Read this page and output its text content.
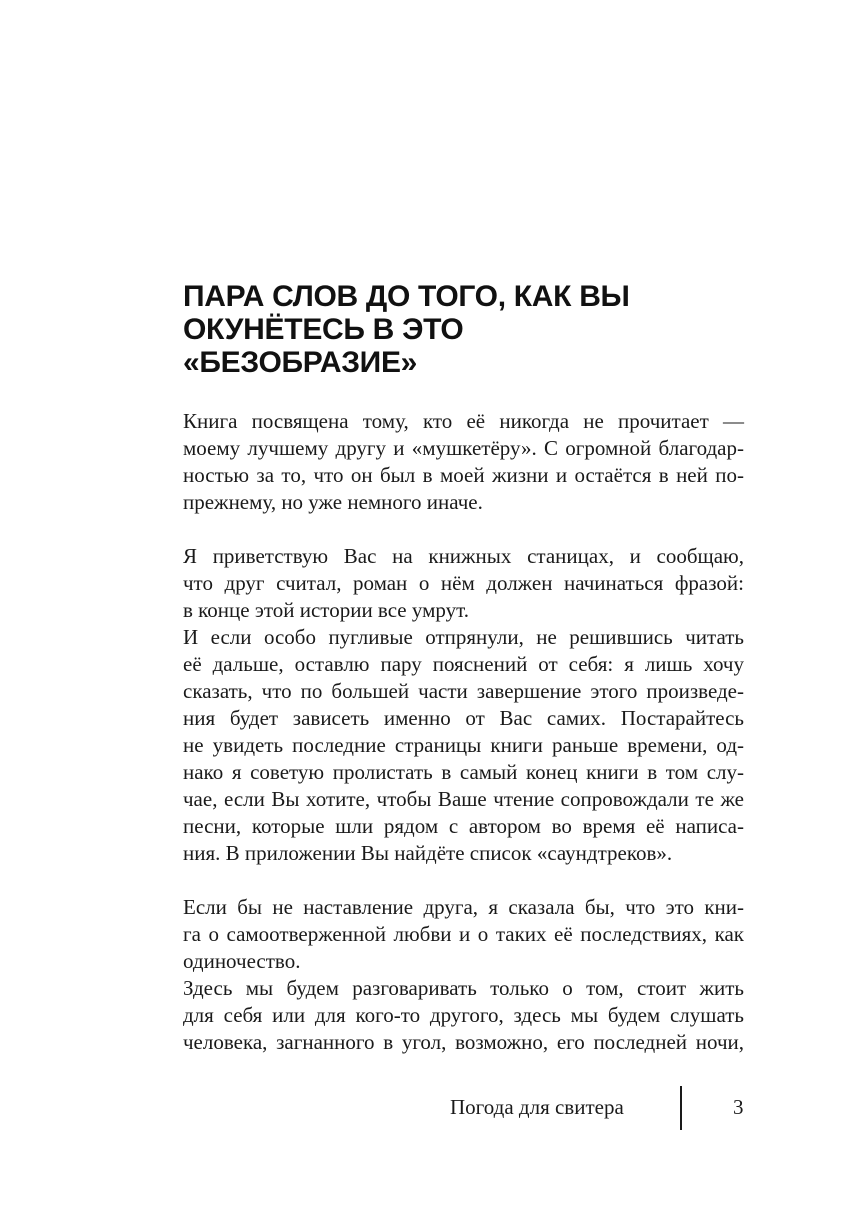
ПАРА СЛОВ ДО ТОГО, КАК ВЫ
ОКУНЁТЕСЬ В ЭТО
«БЕЗОБРАЗИЕ»

Книга посвящена тому, кто её никогда не прочитает —
моему лучшему другу и «мушкетёру». С огромной благодар-
ностью за то, что он был в моей жизни и остаётся в ней по-
прежнему, но уже немного иначе.

Я приветствую Вас на книжных станицах, и сообщаю,
что друг считал, роман о нём должен начинаться фразой:
в конце этой истории все умрут.

И если особо пугливые отпрянули, не решившись читать
её дальше, оставлю пару пояснений от себя: я лишь хочу
сказать, что по большей части завершение этого произведе-
ния будет зависеть именно от Вас самих. Постарайтесь
не увидеть последние страницы книги раньше времени, од-
нако я советую пролистать в самый конец книги в том слу-
чае, если Вы хотите, чтобы Ваше чтение сопровождали те же
песни, которые шли рядом с автором во время её написа-
ния. В приложении Вы найдёте список «саундтреков».

Если бы не наставление друга, я сказала бы, что это кни-
га о самоотверженной любви и о таких её последствиях, как
одиночество.

Здесь мы будем разговаривать только о том, стоит жить
для себя или для кого-то другого, здесь мы будем слушать
человека, загнанного в угол, возможно, его последней ночи,

Погода для свитера	3
